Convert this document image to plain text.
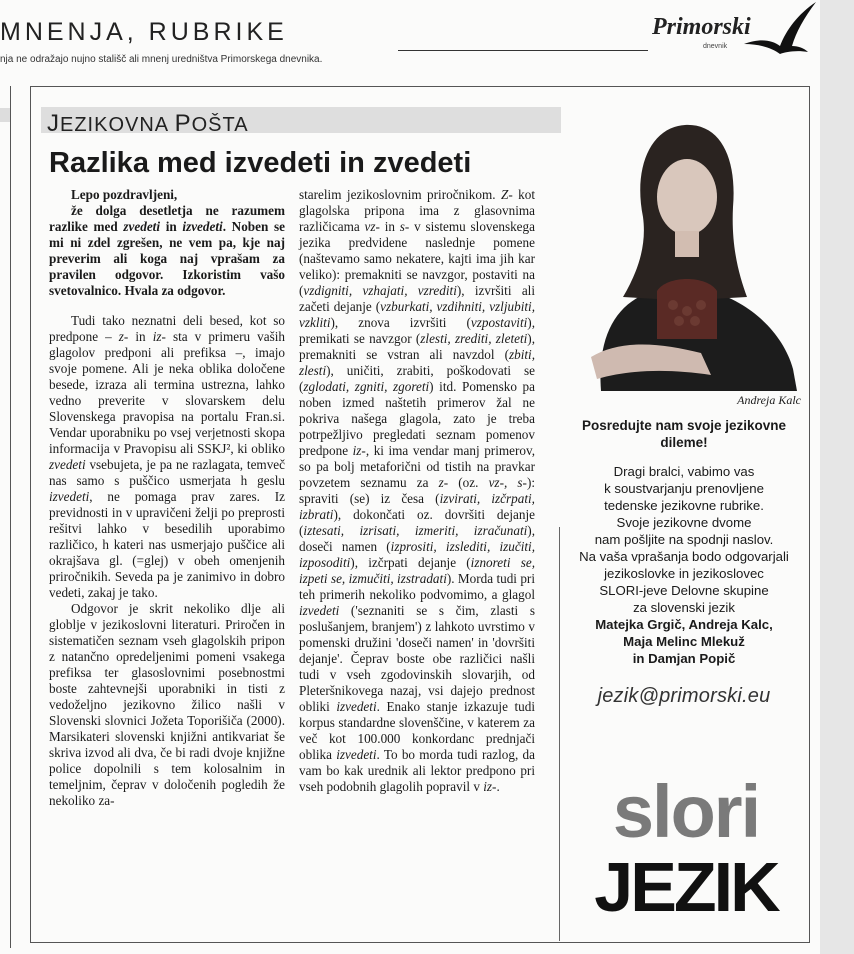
MNENJA, RUBRIKE
nja ne odražajo nujno stališč ali mnenj uredništva Primorskega dnevnika.
Primorski
dnevnik
JEZIKOVNA POŠTA
Razlika med izvedeti in zvedeti

Lepo pozdravljeni,

že dolga desetletja ne razumem razlike med zvedeti in izvedeti. Noben se mi ni zdel zgrešen, ne vem pa, kje naj preverim ali koga naj vprašam za pravilen odgovor. Izkoristim vašo svetovalnico. Hvala za odgovor.

Tudi tako neznatni deli besed, kot so predpone – z- in iz- sta v primeru vaših glagolov predponi ali prefiksa –, imajo svoje pomene. Ali je neka oblika določene besede, izraza ali termina ustrezna, lahko vedno preverite v slovarskem delu Slovenskega pravopisa na portalu Fran.si. Vendar uporabniku po vsej verjetnosti skopa informacija v Pravopisu ali SSKJ², ki obliko zvedeti vsebujeta, je pa ne razlagata, temveč nas samo s puščico usmerjata h geslu izvedeti, ne pomaga prav zares. Iz previdnosti in v upravičeni želji po preprosti rešitvi lahko v besedilih uporabimo različico, h kateri nas usmerjajo puščice ali okrajšava gl. (=glej) v obeh omenjenih priročnikih. Seveda pa je zanimivo in dobro vedeti, zakaj je tako.

Odgovor je skrit nekoliko dlje ali globlje v jezikoslovni literaturi. Priročen in sistematičen seznam vseh glagolskih pripon z natančno opredeljenimi pomeni vsakega prefiksa ter glasoslovnimi posebnostmi boste zahtevnejši uporabniki in tisti z vedoželjno jezikovno žilico našli v Slovenski slovnici Jožeta Toporišiča (2000). Marsikateri slovenski knjižni antikvariat še skriva izvod ali dva, če bi radi dvoje knjižne police dopolnili s tem kolosalnim in temeljnim, čeprav v določenih pogledih že nekoliko za-

starelim jezikoslovnim priročnikom. Z- kot glagolska pripona ima z glasovnima različicama vz- in s- v sistemu slovenskega jezika predvidene naslednje pomene (naštevamo samo nekatere, kajti ima jih kar veliko): premakniti se navzgor, postaviti na (vzdigniti, vzhajati, vzrediti), izvršiti ali začeti dejanje (vzburkati, vzdihniti, vzljubiti, vzkliti), znova izvršiti (vzpostaviti), premikati se navzgor (zlesti, zrediti, zleteti), premakniti se vstran ali navzdol (zbiti, zlesti), uničiti, zrabiti, poškodovati se (zglodati, zgniti, zgoreti) itd. Pomensko pa noben izmed naštetih primerov žal ne pokriva našega glagola, zato je treba potrpežljivo pregledati seznam pomenov predpone iz-, ki ima vendar manj primerov, so pa bolj metaforični od tistih na pravkar povzetem seznamu za z- (oz. vz-, s-): spraviti (se) iz česa (izvirati, izčrpati, izbrati), dokončati oz. dovršiti dejanje (iztesati, izrisati, izmeriti, izračunati), doseči namen (izprositi, izslediti, izučiti, izposoditi), izčrpati dejanje (iznoreti se, izpeti se, izmučiti, izstradati). Morda tudi pri teh primerih nekoliko podvomimo, a glagol izvedeti ('seznaniti se s čim, zlasti s poslušanjem, branjem') z lahkoto uvrstimo v pomenski družini 'doseči namen' in 'dovršiti dejanje'. Čeprav boste obe različici našli tudi v vseh zgodovinskih slovarjih, od Pleteršnikovega nazaj, vsi dajejo prednost obliki izvedeti. Enako stanje izkazuje tudi korpus standardne slovenščine, v katerem za več kot 100.000 konkordanc prednjači oblika izvedeti. To bo morda tudi razlog, da vam bo kak urednik ali lektor predpono pri vseh podobnih glagolih popravil v iz-.

Andreja Kalc

Posredujte nam svoje jezikovne dileme!

Dragi bralci, vabimo vas
k soustvarjanju prenovljene
tedenske jezikovne rubrike.
Svoje jezikovne dvome
nam pošljite na spodnji naslov.
Na vaša vprašanja bodo odgovarjali
jezikoslovke in jezikoslovec
SLORI-jeve Delovne skupine
za slovenski jezik
Matejka Grgič, Andreja Kalc,
Maja Melinc Mlekuž
in Damjan Popič

jezik@primorski.eu
slori
JEZIK
